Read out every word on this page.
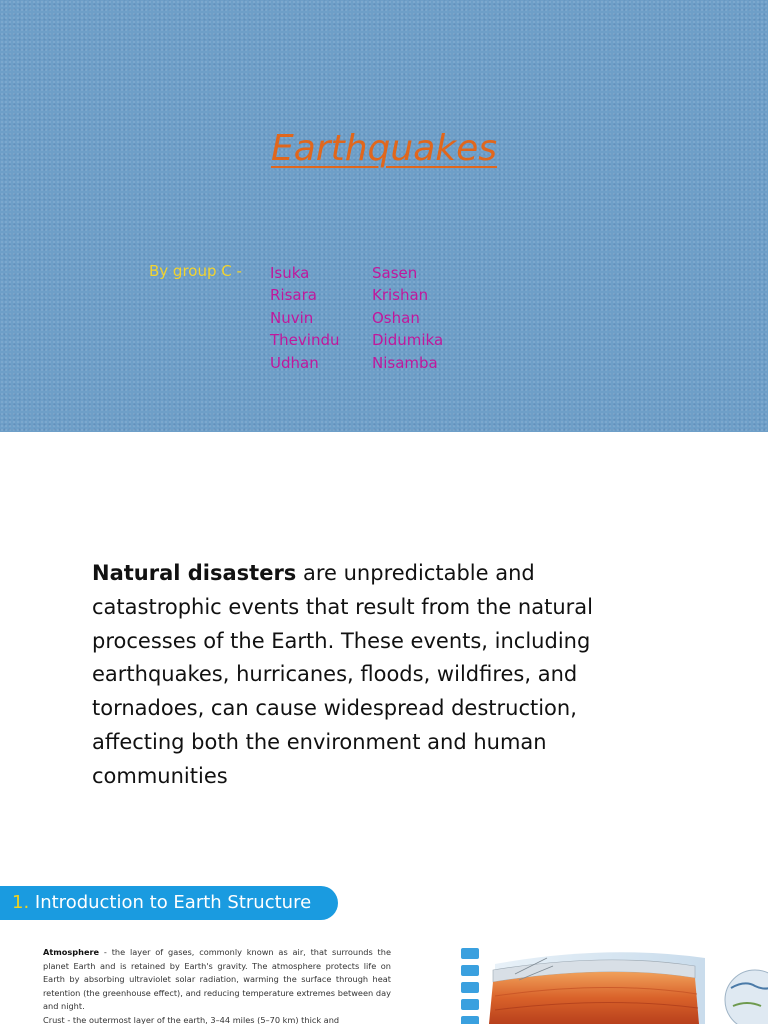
Earthquakes
By group C - Isuka
Risara
Nuvin
Thevindu
Udhan
Sasen
Krishan
Oshan
Didumika
Nisamba

Natural disasters are unpredictable and catastrophic events that result from the natural processes of the Earth. These events, including earthquakes, hurricanes, floods, wildfires, and tornadoes, can cause widespread destruction, affecting both the environment and human communities

1. Introduction to Earth Structure
Atmosphere - the layer of gases, commonly known as air, that surrounds the planet Earth and is retained by Earth's gravity. The atmosphere protects life on Earth by absorbing ultraviolet solar radiation, warming the surface through heat retention (the greenhouse effect), and reducing temperature extremes between day and night.
Crust - the outermost layer of the earth, 3–44 miles (5–70 km) thick and
